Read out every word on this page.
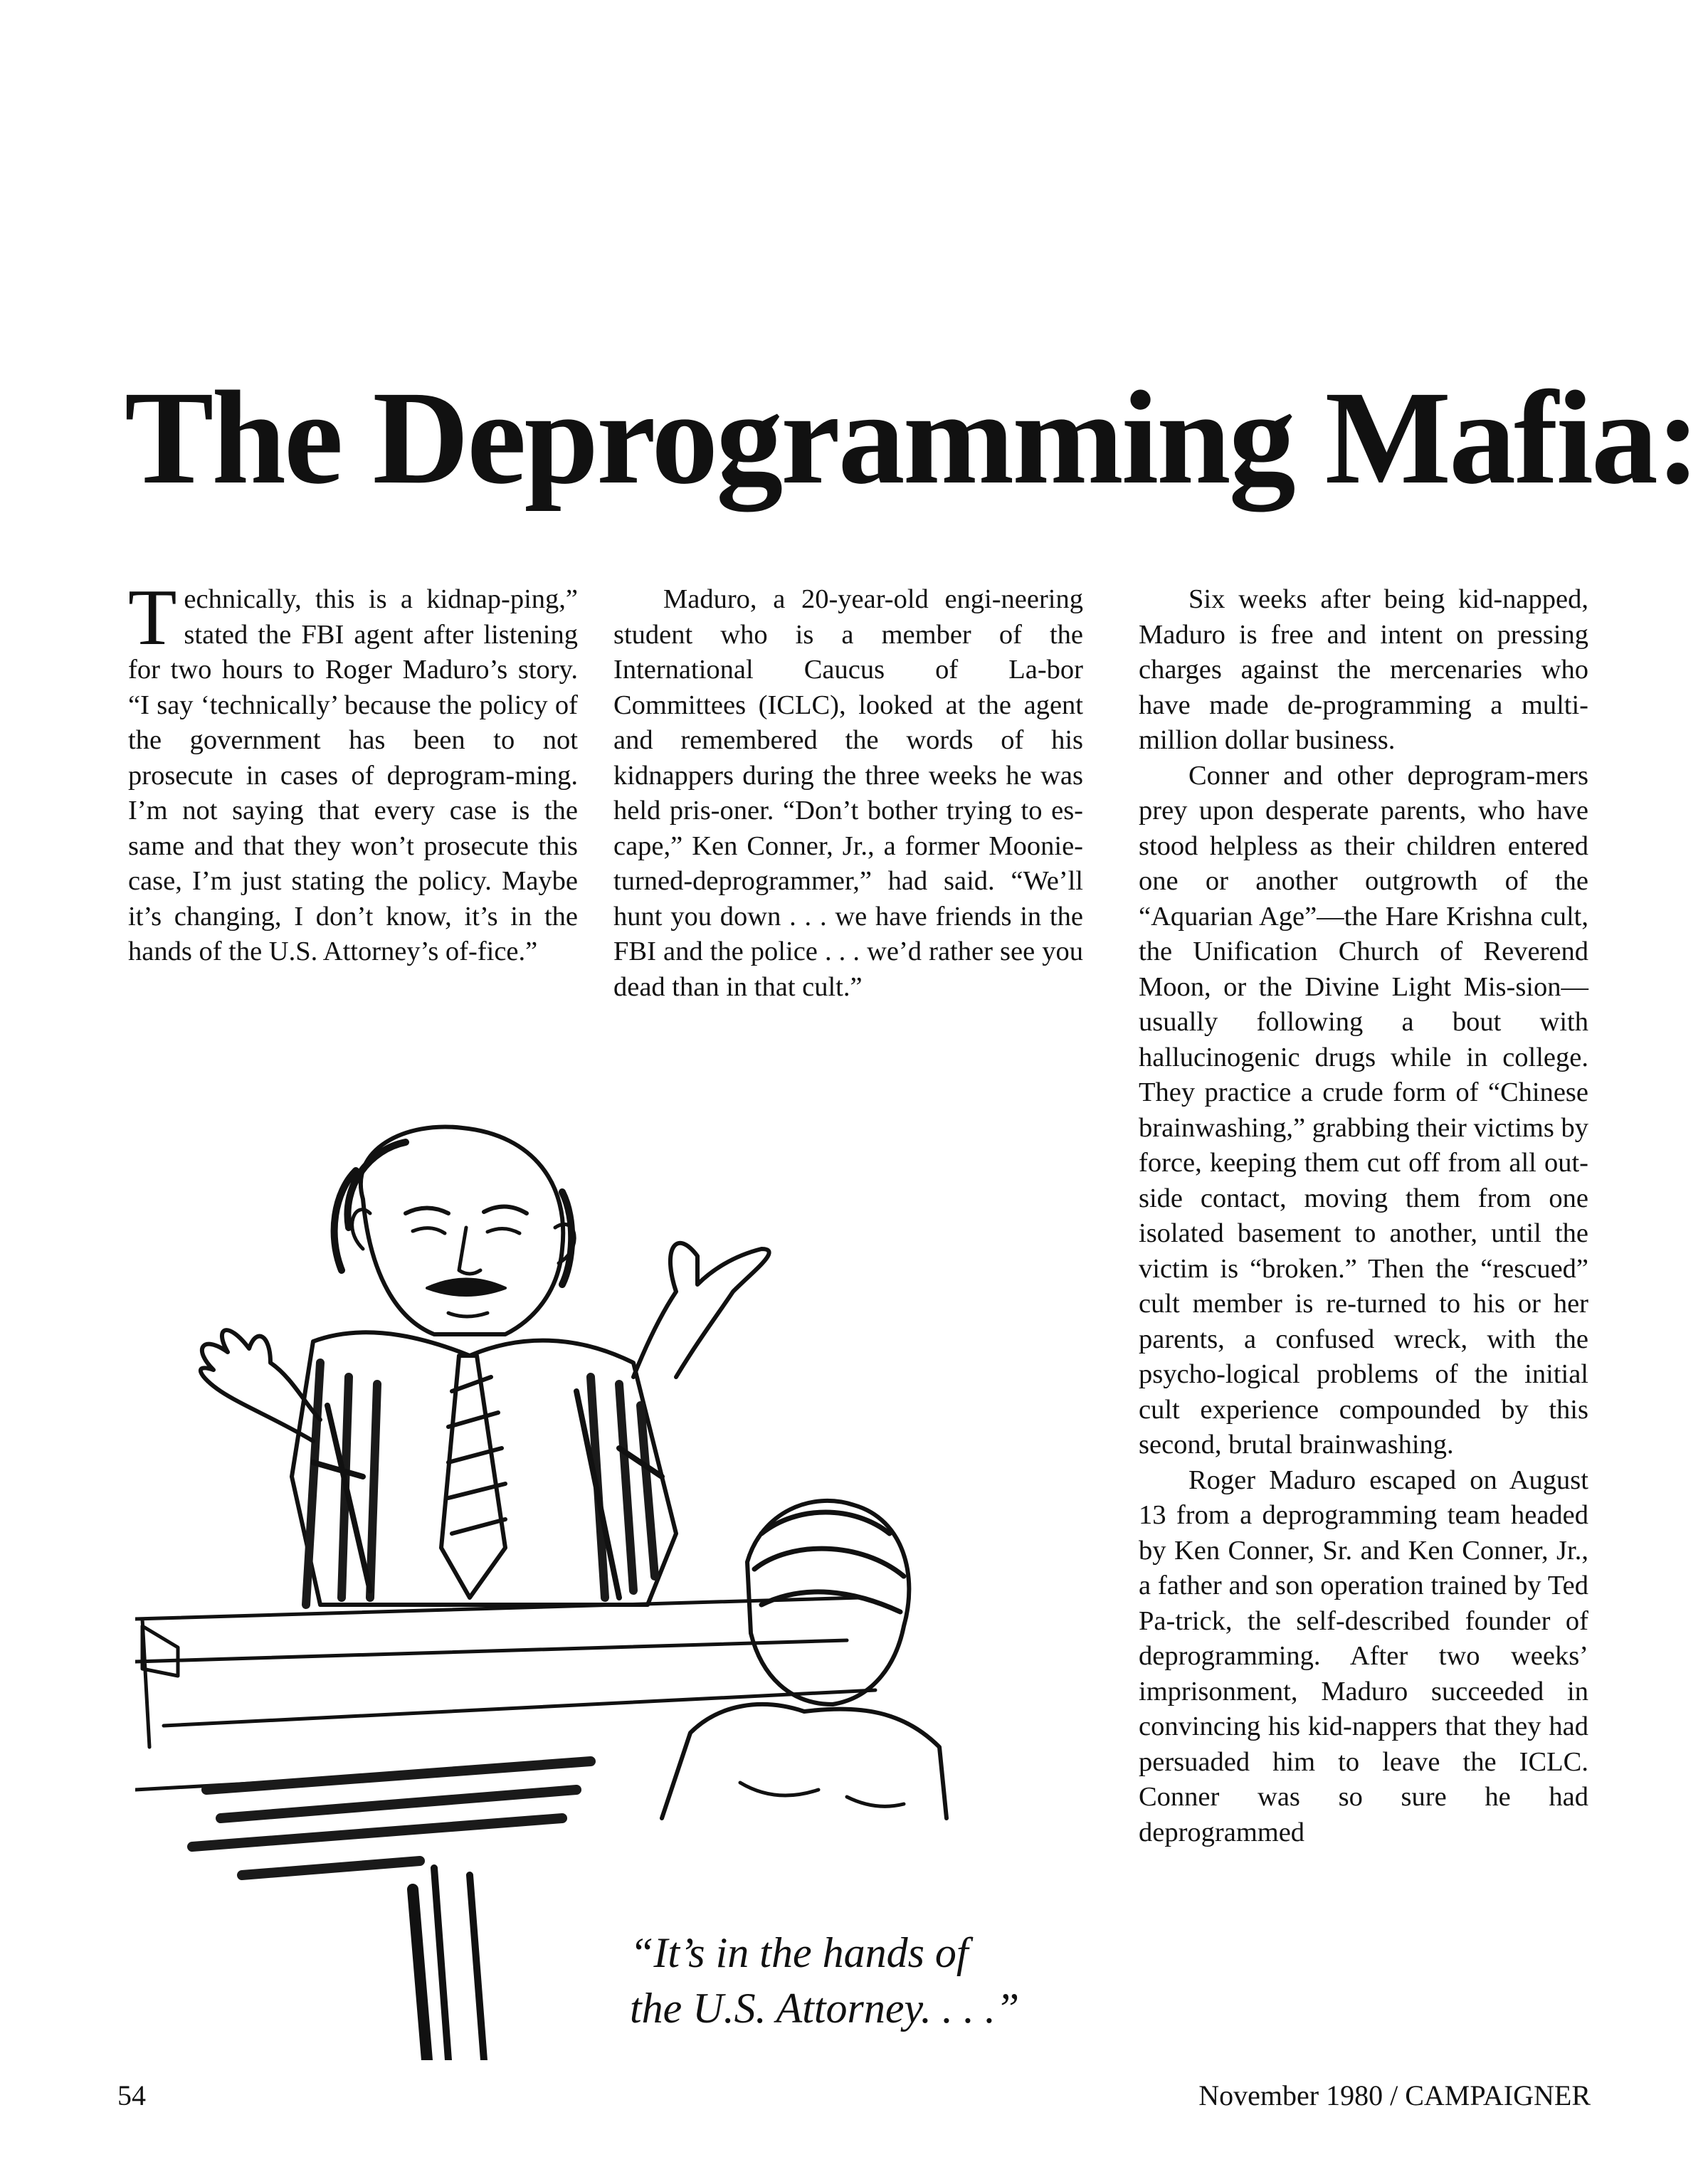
The Deprogramming Mafia:

Technically, this is a kidnap-ping,” stated the FBI agent after listening for two hours to Roger Maduro’s story. “I say ‘technically’ because the policy of the government has been to not prosecute in cases of deprogram-ming. I’m not saying that every case is the same and that they won’t prosecute this case, I’m just stating the policy. Maybe it’s changing, I don’t know, it’s in the hands of the U.S. Attorney’s of-fice.”

Maduro, a 20-year-old engi-neering student who is a member of the International Caucus of La-bor Committees (ICLC), looked at the agent and remembered the words of his kidnappers during the three weeks he was held pris-oner. “Don’t bother trying to es-cape,” Ken Conner, Jr., a former Moonie-turned-deprogrammer,” had said. “We’ll hunt you down . . . we have friends in the FBI and the police . . . we’d rather see you dead than in that cult.”

Six weeks after being kid-napped, Maduro is free and intent on pressing charges against the mercenaries who have made de-programming a multi-million dollar business.

Conner and other deprogram-mers prey upon desperate parents, who have stood helpless as their children entered one or another outgrowth of the “Aquarian Age”—the Hare Krishna cult, the Unification Church of Reverend Moon, or the Divine Light Mis-sion—usually following a bout with hallucinogenic drugs while in college. They practice a crude form of “Chinese brainwashing,” grabbing their victims by force, keeping them cut off from all out-side contact, moving them from one isolated basement to another, until the victim is “broken.” Then the “rescued” cult member is re-turned to his or her parents, a confused wreck, with the psycho-logical problems of the initial cult experience compounded by this second, brutal brainwashing.

Roger Maduro escaped on August 13 from a deprogramming team headed by Ken Conner, Sr. and Ken Conner, Jr., a father and son operation trained by Ted Pa-trick, the self-described founder of deprogramming. After two weeks’ imprisonment, Maduro succeeded in convincing his kid-nappers that they had persuaded him to leave the ICLC. Conner was so sure he had deprogrammed

“It’s in the hands of
the U.S. Attorney. . . .”

54	November 1980 / CAMPAIGNER
